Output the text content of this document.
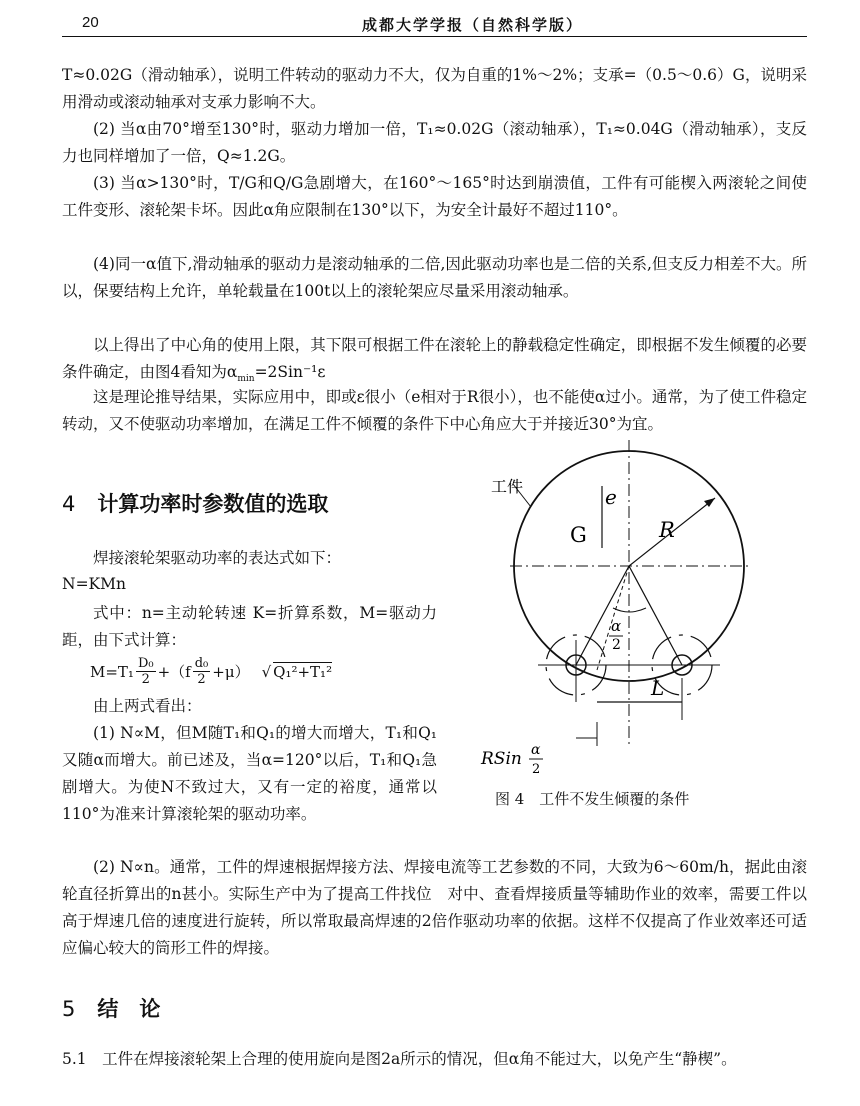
20	成都大学学报（自然科学版）

T≈0.02G（滑动轴承），说明工件转动的驱动力不大，仅为自重的1%～2%；支承=（0.5～0.6）G，说明采用滑动或滚动轴承对支承力影响不大。

(2) 当α由70°增至130°时，驱动力增加一倍，T₁≈0.02G（滚动轴承），T₁≈0.04G（滑动轴承），支反力也同样增加了一倍，Q≈1.2G。

(3) 当α>130°时，T/G和Q/G急剧增大，在160°～165°时达到崩溃值，工件有可能楔入两滚轮之间使工件变形、滚轮架卡坏。因此α角应限制在130°以下，为安全计最好不超过110°。

(4)同一α值下,滑动轴承的驱动力是滚动轴承的二倍,因此驱动功率也是二倍的关系,但支反力相差不大。所以，保要结构上允许，单轮载量在100t以上的滚轮架应尽量采用滚动轴承。

以上得出了中心角的使用上限，其下限可根据工件在滚轮上的静载稳定性确定，即根据不发生倾覆的必要条件确定，由图4看知为$\alpha_{min}=2Sin^{-1}\varepsilon$

这是理论推导结果，实际应用中，即或ε很小（e相对于R很小），也不能使α过小。通常，为了使工件稳定转动，又不使驱动功率增加，在满足工件不倾覆的条件下中心角应大于并接近30°为宜。

4 计算功率时参数值的选取

焊接滚轮架驱动功率的表达式如下：

N=KMn

式中：n=主动轮转速 K=折算系数，M=驱动力距，由下式计算：

$M=T_1 \frac{\text{D₀}}{2} +(f \frac{\text{d₀}}{2} +\mu)$ √ Q₁²+T₁²

由上两式看出：

(1) N∝M，但M随T₁和Q₁的增大而增大，T₁和Q₁又随α而增大。前已述及，当α=120°以后，T₁和Q₁急剧增大。为使N不致过大，又有一定的裕度，通常以110°为准来计算滚轮架的驱动功率。

(2) N∝n。通常，工件的焊速根据焊接方法、焊接电流等工艺参数的不同，大致为6～60m/h，据此由滚轮直径折算出的n甚小。实际生产中为了提高工件找位　对中、查看焊接质量等辅助作业的效率，需要工件以高于焊速几倍的速度进行旋转，所以常取最高焊速的2倍作驱动功率的依据。这样不仅提高了作业效率还可适应偏心较大的筒形工件的焊接。

工件	e
G	R
α
2
L
RSin α
2
图 4　工件不发生倾覆的条件
5 结　论

5.1　工件在焊接滚轮架上合理的使用旋向是图2a所示的情况，但α角不能过大，以免产生“静楔”。
